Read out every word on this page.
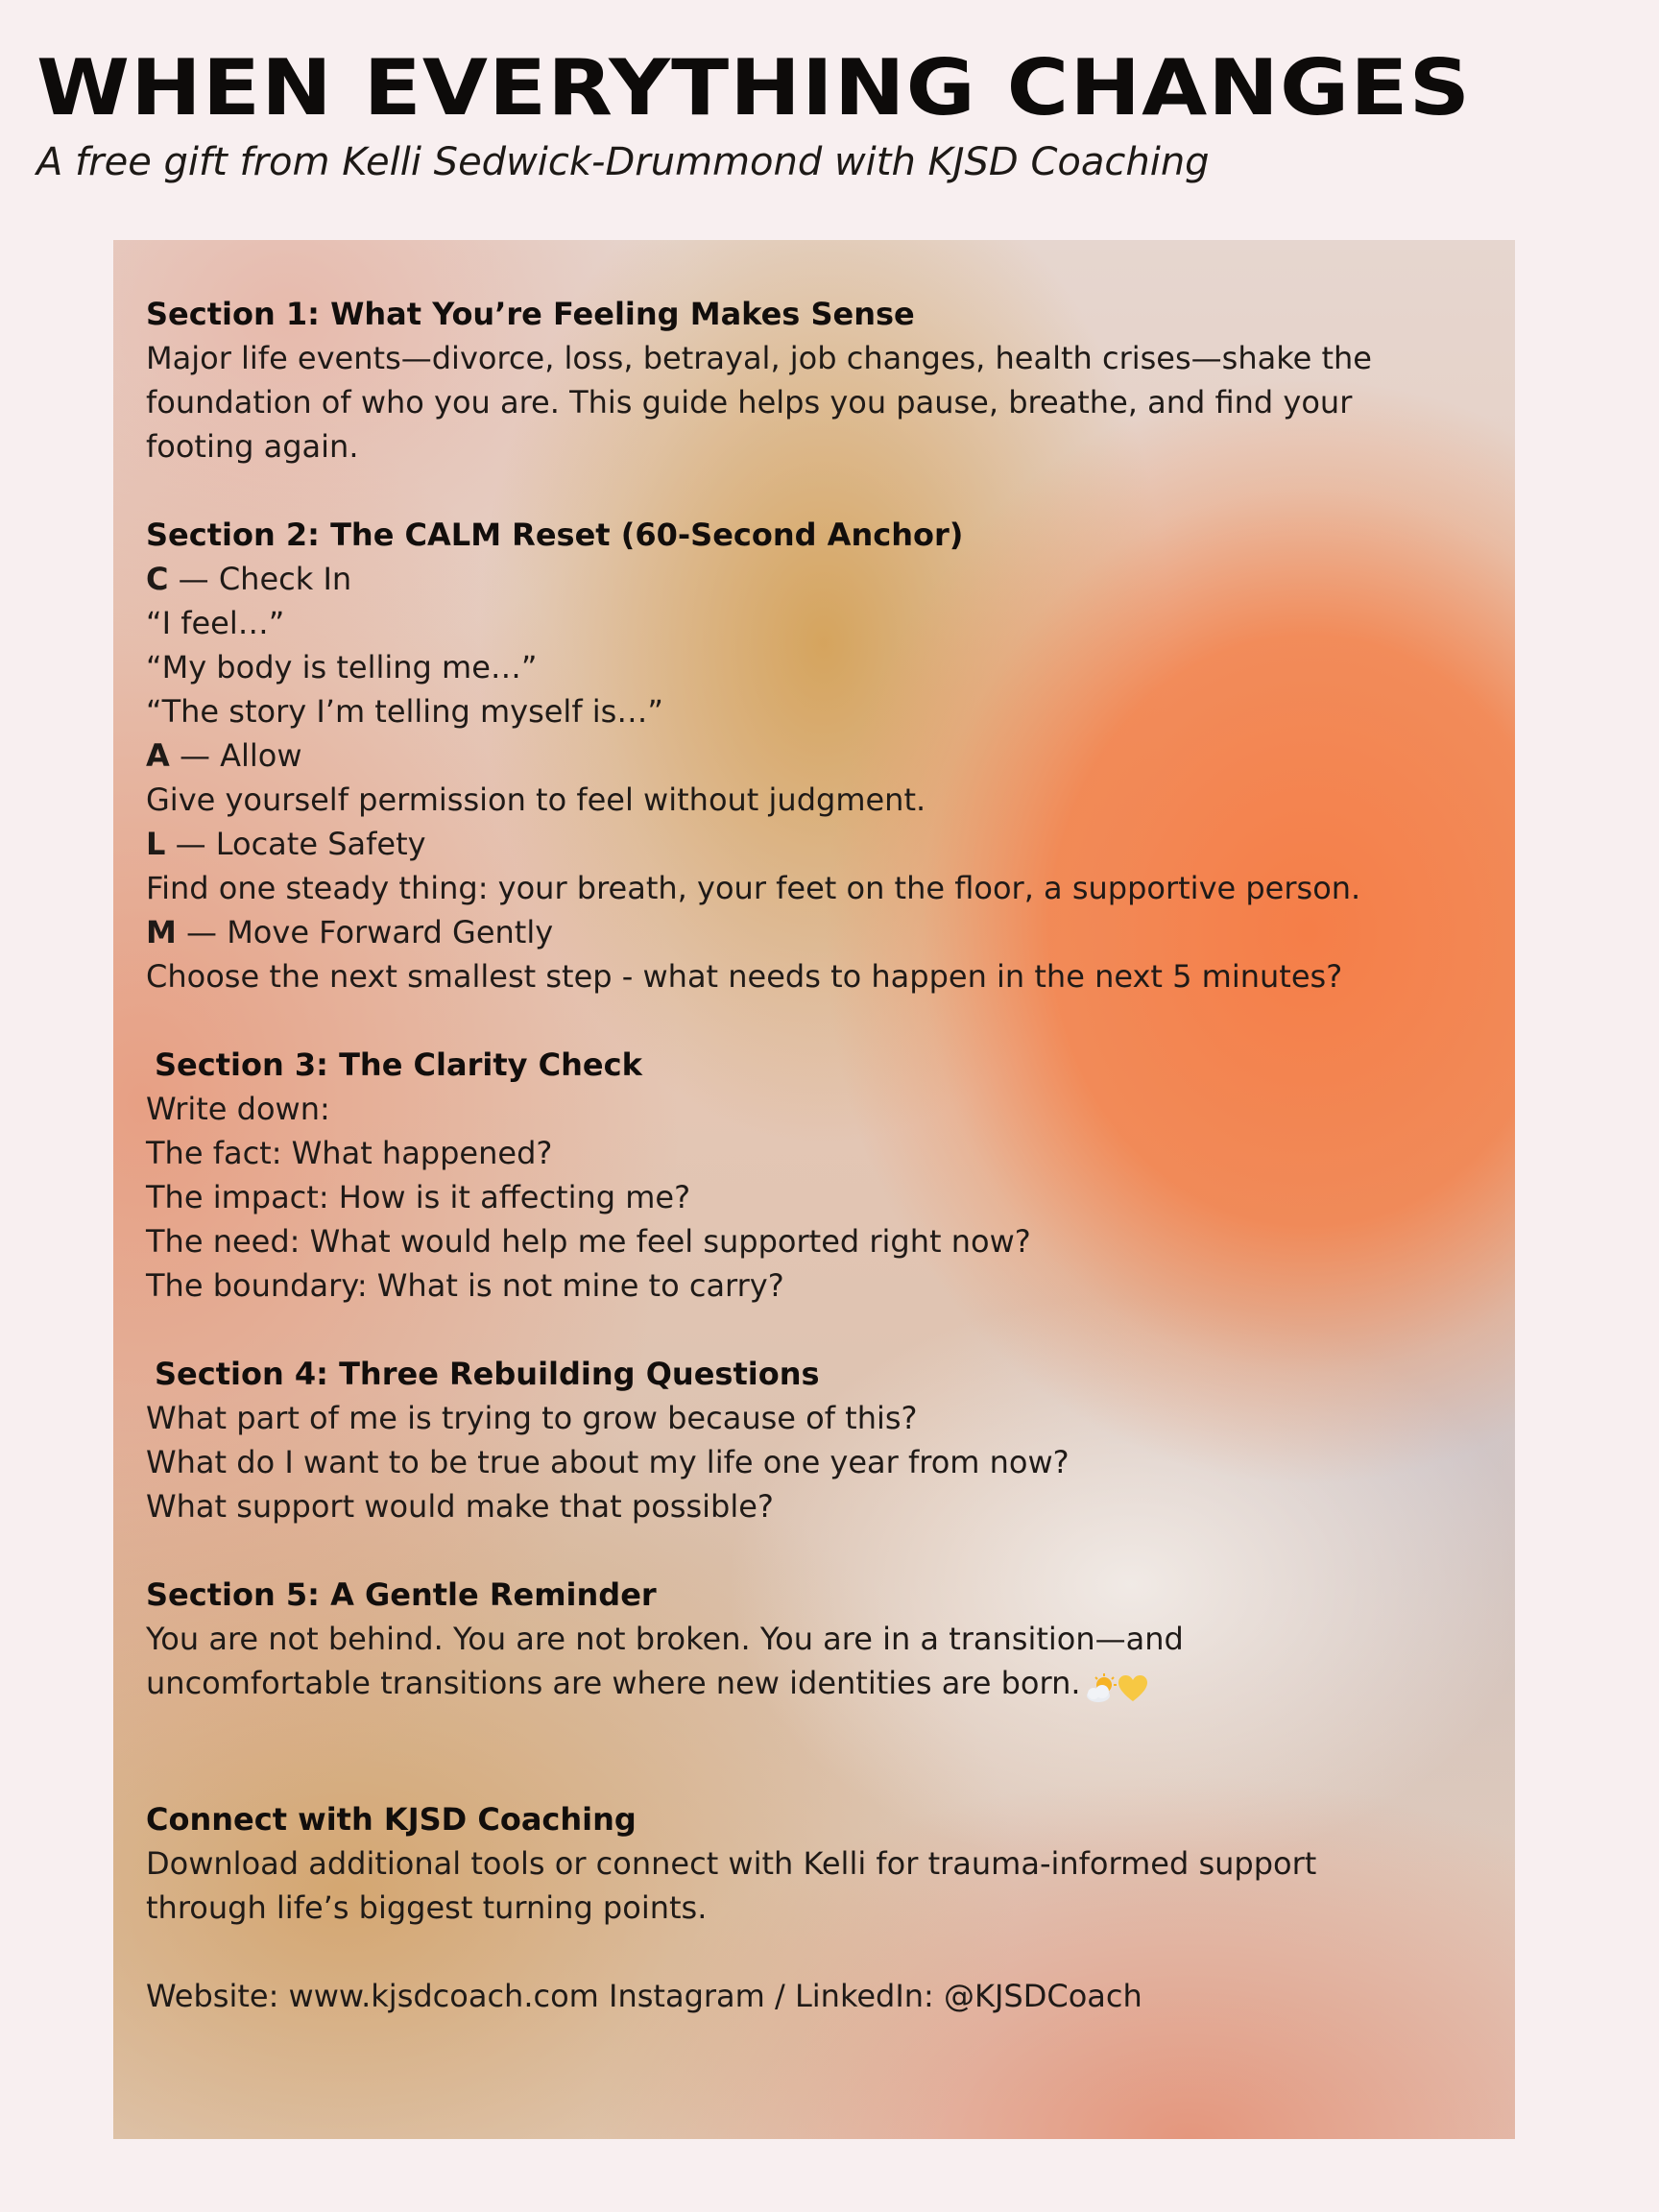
WHEN EVERYTHING CHANGES

A free gift from Kelli Sedwick-Drummond with KJSD Coaching

Section 1: What You’re Feeling Makes Sense

Major life events—divorce, loss, betrayal, job changes, health crises—shake the

foundation of who you are. This guide helps you pause, breathe, and find your

footing again.

Section 2: The CALM Reset (60-Second Anchor)

C — Check In

“I feel…”

“My body is telling me…”

“The story I’m telling myself is…”

A — Allow

Give yourself permission to feel without judgment.

L — Locate Safety

Find one steady thing: your breath, your feet on the floor, a supportive person.

M — Move Forward Gently

Choose the next smallest step - what needs to happen in the next 5 minutes?

Section 3: The Clarity Check

Write down:

The fact: What happened?

The impact: How is it affecting me?

The need: What would help me feel supported right now?

The boundary: What is not mine to carry?

Section 4: Three Rebuilding Questions

What part of me is trying to grow because of this?

What do I want to be true about my life one year from now?

What support would make that possible?

Section 5: A Gentle Reminder

You are not behind. You are not broken. You are in a transition—and

uncomfortable transitions are where new identities are born.

Connect with KJSD Coaching

Download additional tools or connect with Kelli for trauma-informed support

through life’s biggest turning points.

Website: www.kjsdcoach.com Instagram / LinkedIn: @KJSDCoach
